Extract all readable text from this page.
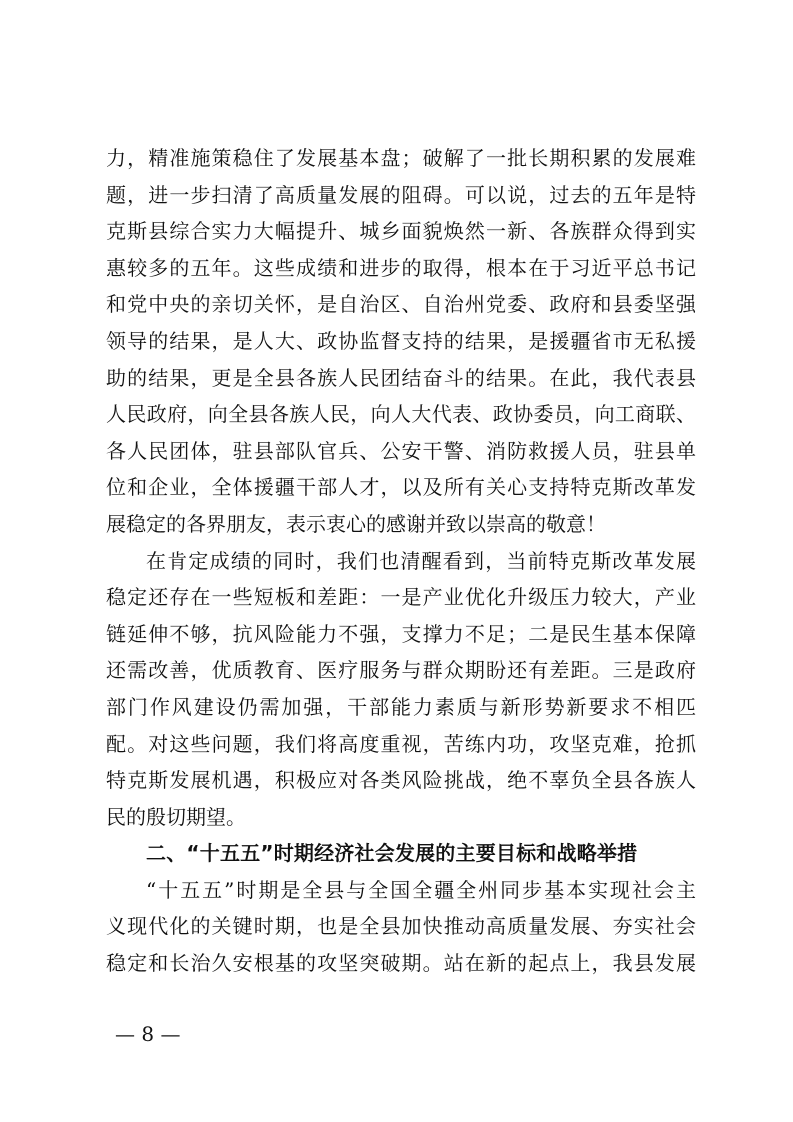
力，精准施策稳住了发展基本盘；破解了一批长期积累的发展难
题，进一步扫清了高质量发展的阻碍。可以说，过去的五年是特
克斯县综合实力大幅提升、城乡面貌焕然一新、各族群众得到实
惠较多的五年。这些成绩和进步的取得，根本在于习近平总书记
和党中央的亲切关怀，是自治区、自治州党委、政府和县委坚强
领导的结果，是人大、政协监督支持的结果，是援疆省市无私援
助的结果，更是全县各族人民团结奋斗的结果。在此，我代表县
人民政府，向全县各族人民，向人大代表、政协委员，向工商联、
各人民团体，驻县部队官兵、公安干警、消防救援人员，驻县单
位和企业，全体援疆干部人才，以及所有关心支持特克斯改革发
展稳定的各界朋友，表示衷心的感谢并致以崇高的敬意！
在肯定成绩的同时，我们也清醒看到，当前特克斯改革发展
稳定还存在一些短板和差距：一是产业优化升级压力较大，产业
链延伸不够，抗风险能力不强，支撑力不足；二是民生基本保障
还需改善，优质教育、医疗服务与群众期盼还有差距。三是政府
部门作风建设仍需加强，干部能力素质与新形势新要求不相匹
配。对这些问题，我们将高度重视，苦练内功，攻坚克难，抢抓
特克斯发展机遇，积极应对各类风险挑战，绝不辜负全县各族人
民的殷切期望。
二、“十五五”时期经济社会发展的主要目标和战略举措
“十五五”时期是全县与全国全疆全州同步基本实现社会主
义现代化的关键时期，也是全县加快推动高质量发展、夯实社会
稳定和长治久安根基的攻坚突破期。站在新的起点上，我县发展
— 8 —
